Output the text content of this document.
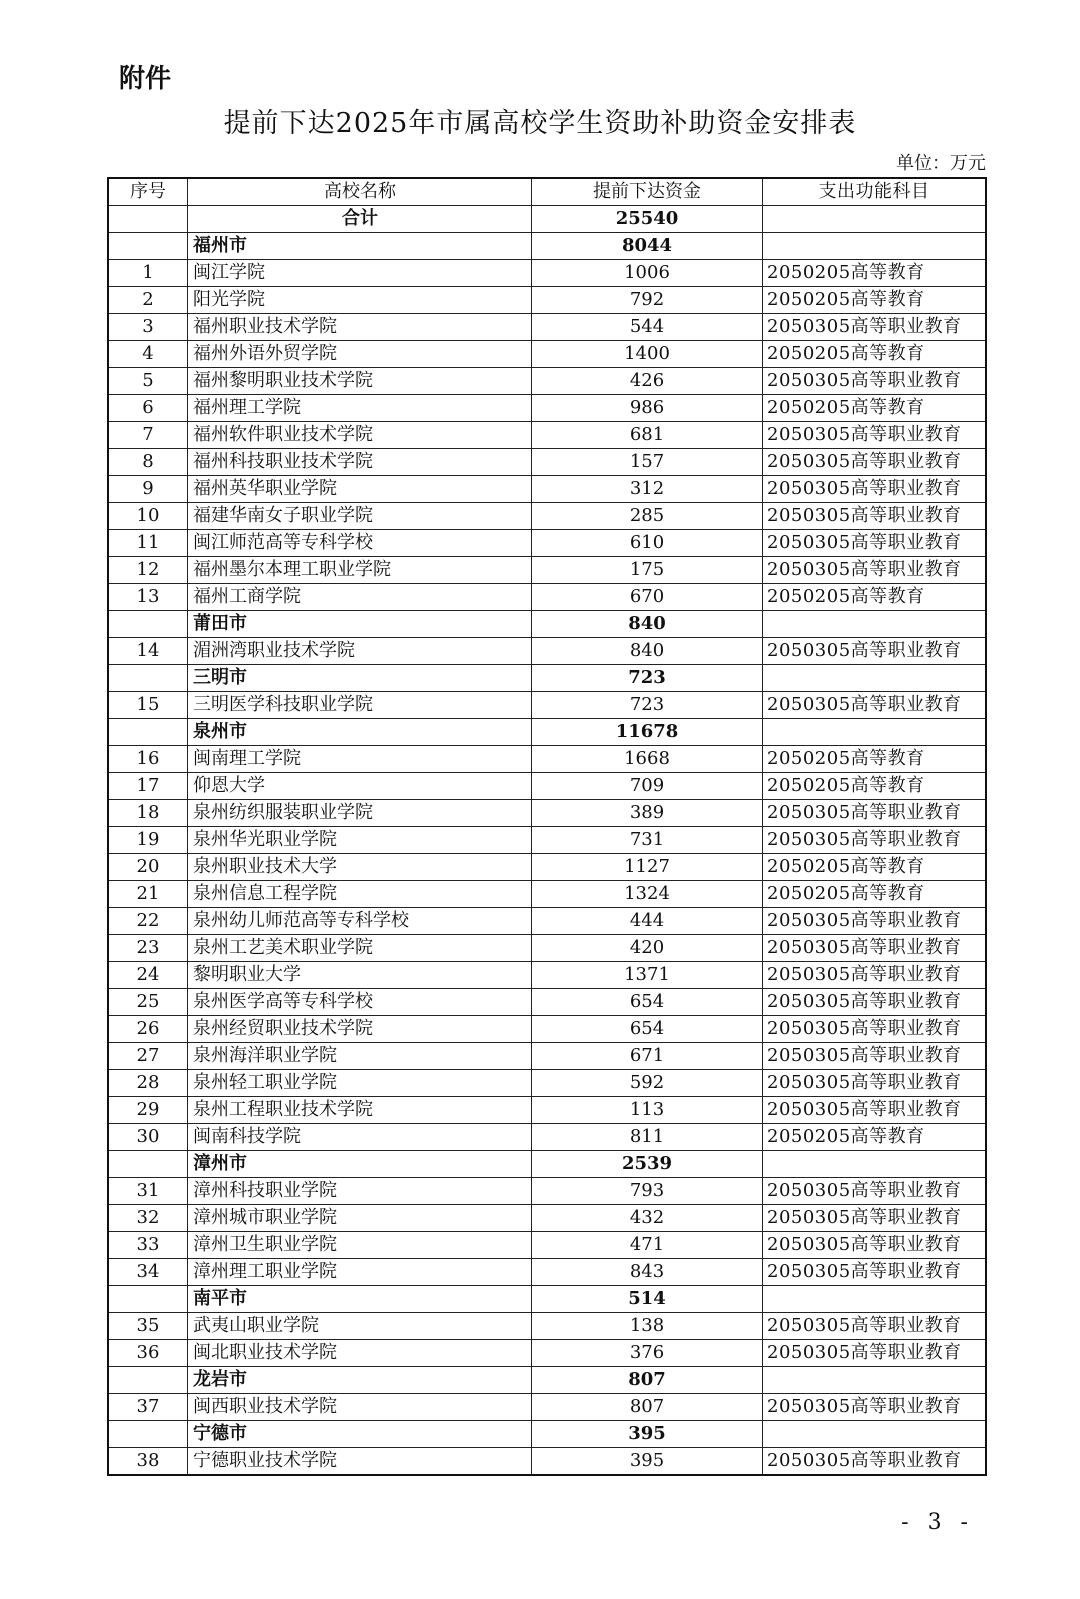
附件
提前下达2025年市属高校学生资助补助资金安排表
单位：万元
序号	高校名称	提前下达资金	支出功能科目
	合计	25540	
	福州市	8044	
1	闽江学院	1006	2050205高等教育
2	阳光学院	792	2050205高等教育
3	福州职业技术学院	544	2050305高等职业教育
4	福州外语外贸学院	1400	2050205高等教育
5	福州黎明职业技术学院	426	2050305高等职业教育
6	福州理工学院	986	2050205高等教育
7	福州软件职业技术学院	681	2050305高等职业教育
8	福州科技职业技术学院	157	2050305高等职业教育
9	福州英华职业学院	312	2050305高等职业教育
10	福建华南女子职业学院	285	2050305高等职业教育
11	闽江师范高等专科学校	610	2050305高等职业教育
12	福州墨尔本理工职业学院	175	2050305高等职业教育
13	福州工商学院	670	2050205高等教育
	莆田市	840	
14	湄洲湾职业技术学院	840	2050305高等职业教育
	三明市	723	
15	三明医学科技职业学院	723	2050305高等职业教育
	泉州市	11678	
16	闽南理工学院	1668	2050205高等教育
17	仰恩大学	709	2050205高等教育
18	泉州纺织服装职业学院	389	2050305高等职业教育
19	泉州华光职业学院	731	2050305高等职业教育
20	泉州职业技术大学	1127	2050205高等教育
21	泉州信息工程学院	1324	2050205高等教育
22	泉州幼儿师范高等专科学校	444	2050305高等职业教育
23	泉州工艺美术职业学院	420	2050305高等职业教育
24	黎明职业大学	1371	2050305高等职业教育
25	泉州医学高等专科学校	654	2050305高等职业教育
26	泉州经贸职业技术学院	654	2050305高等职业教育
27	泉州海洋职业学院	671	2050305高等职业教育
28	泉州轻工职业学院	592	2050305高等职业教育
29	泉州工程职业技术学院	113	2050305高等职业教育
30	闽南科技学院	811	2050205高等教育
	漳州市	2539	
31	漳州科技职业学院	793	2050305高等职业教育
32	漳州城市职业学院	432	2050305高等职业教育
33	漳州卫生职业学院	471	2050305高等职业教育
34	漳州理工职业学院	843	2050305高等职业教育
	南平市	514	
35	武夷山职业学院	138	2050305高等职业教育
36	闽北职业技术学院	376	2050305高等职业教育
	龙岩市	807	
37	闽西职业技术学院	807	2050305高等职业教育
	宁德市	395	
38	宁德职业技术学院	395	2050305高等职业教育
- 3 -
